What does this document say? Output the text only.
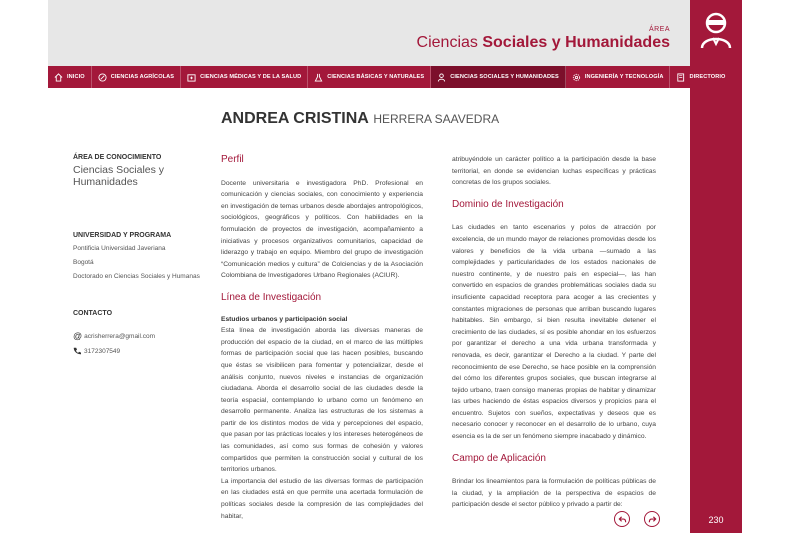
ÁREA
Ciencias Sociales y Humanidades
230
INICIO	CIENCIAS AGRÍCOLAS	CIENCIAS MÉDICAS Y DE LA SALUD	CIENCIAS BÁSICAS Y NATURALES	CIENCIAS SOCIALES Y HUMANIDADES	INGENIERÍA Y TECNOLOGÍA	DIRECTORIO
ANDREA CRISTINA HERRERA SAAVEDRA
ÁREA DE CONOCIMIENTO
Ciencias Sociales y Humanidades
UNIVERSIDAD Y PROGRAMA
Pontificia Universidad Javeriana
Bogotá
Doctorado en Ciencias Sociales y Humanas
CONTACTO
@ acrisherrera@gmail.com
3172307549
Perfil

Docente universitaria e investigadora PhD. Profesional en comunicación y ciencias sociales, con conocimiento y experiencia en investigación de temas urbanos desde abordajes antropológicos, sociológicos, geográficos y políticos. Con habilidades en la formulación de proyectos de investigación, acompañamiento a iniciativas y procesos organizativos comunitarios, capacidad de liderazgo y trabajo en equipo. Miembro del grupo de investigación “Comunicación medios y cultura” de Colciencias y de la Asociación Colombiana de Investigadores Urbano Regionales (ACIUR).

Línea de Investigación

Estudios urbanos y participación social

Esta línea de investigación aborda las diversas maneras de producción del espacio de la ciudad, en el marco de las múltiples formas de participación social que las hacen posibles, buscando que éstas se visibilicen para fomentar y potencializar, desde el análisis conjunto, nuevos niveles e instancias de organización ciudadana. Aborda el desarrollo social de las ciudades desde la teoría espacial, contemplando lo urbano como un fenómeno en desarrollo permanente. Analiza las estructuras de los sistemas a partir de los distintos modos de vida y percepciones del espacio, que pasan por las prácticas locales y los intereses heterogéneos de las comunidades, así como sus formas de cohesión y valores compartidos que permiten la construcción social y cultural de los territorios urbanos.

La importancia del estudio de las diversas formas de participación en las ciudades está en que permite una acertada formulación de políticas sociales desde la compresión de las complejidades del habitar,

atribuyéndole un carácter político a la participación desde la base territorial, en donde se evidencian luchas específicas y prácticas concretas de los grupos sociales.

Dominio de Investigación

Las ciudades en tanto escenarios y polos de atracción por excelencia, de un mundo mayor de relaciones promovidas desde los valores y beneficios de la vida urbana —sumado a las complejidades y particularidades de los estados nacionales de nuestro continente, y de nuestro país en especial—, las han convertido en espacios de grandes problemáticas sociales dada su insuficiente capacidad receptora para acoger a las crecientes y constantes migraciones de personas que arriban buscando lugares habitables. Sin embargo, si bien resulta inevitable detener el crecimiento de las ciudades, sí es posible ahondar en los esfuerzos por garantizar el derecho a una vida urbana transformada y renovada, es decir, garantizar el Derecho a la ciudad. Y parte del reconocimiento de ese Derecho, se hace posible en la comprensión del cómo los diferentes grupos sociales, que buscan integrarse al tejido urbano, traen consigo maneras propias de habitar y dinamizar las urbes haciendo de éstas espacios diversos y propicios para el encuentro. Sujetos con sueños, expectativas y deseos que es necesario conocer y reconocer en el desarrollo de lo urbano, cuya esencia es la de ser un fenómeno siempre inacabado y dinámico.

Campo de Aplicación

Brindar los lineamientos para la formulación de políticas públicas de la ciudad, y la ampliación de la perspectiva de espacios de participación desde el sector público y privado a partir de:
